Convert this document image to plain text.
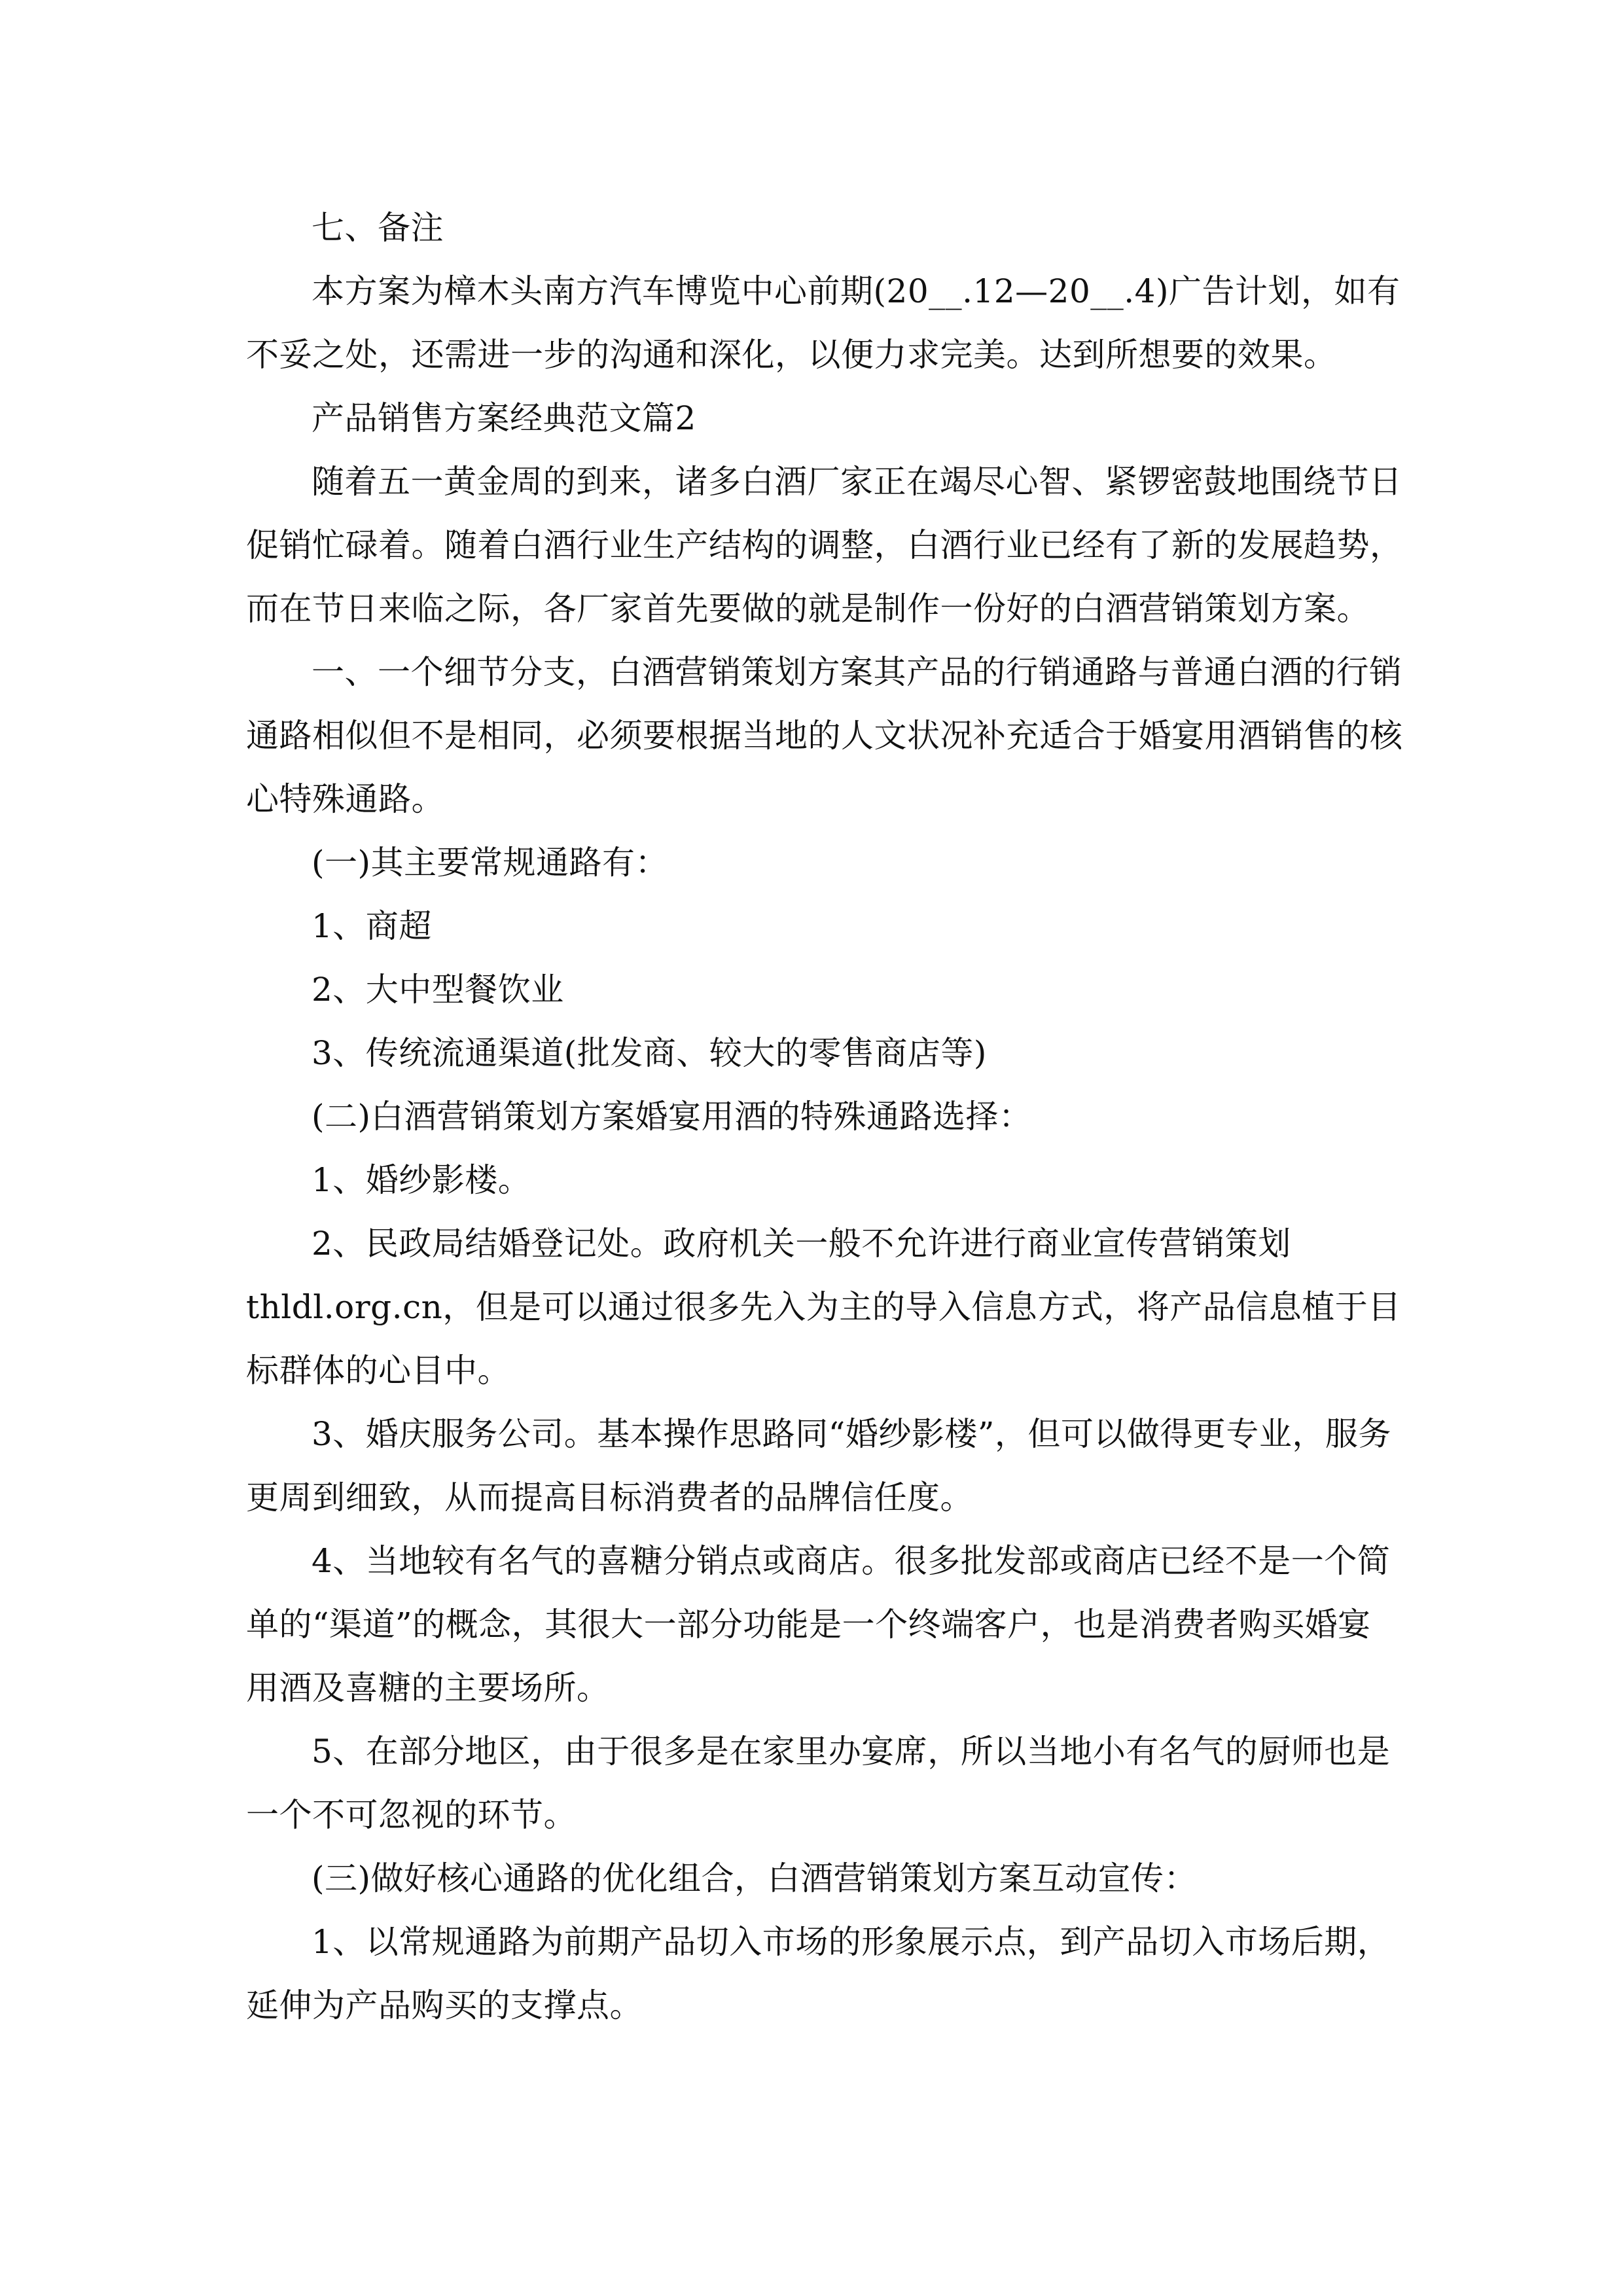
七、备注
本方案为樟木头南方汽车博览中心前期(20__.12—20__.4)广告计划，如有
不妥之处，还需进一步的沟通和深化，以便力求完美。达到所想要的效果。
产品销售方案经典范文篇2
随着五一黄金周的到来，诸多白酒厂家正在竭尽心智、紧锣密鼓地围绕节日
促销忙碌着。随着白酒行业生产结构的调整，白酒行业已经有了新的发展趋势，
而在节日来临之际，各厂家首先要做的就是制作一份好的白酒营销策划方案。
一、一个细节分支，白酒营销策划方案其产品的行销通路与普通白酒的行销
通路相似但不是相同，必须要根据当地的人文状况补充适合于婚宴用酒销售的核
心特殊通路。
(一)其主要常规通路有：
1、商超
2、大中型餐饮业
3、传统流通渠道(批发商、较大的零售商店等)
(二)白酒营销策划方案婚宴用酒的特殊通路选择：
1、婚纱影楼。
2、民政局结婚登记处。政府机关一般不允许进行商业宣传营销策划
thldl.org.cn，但是可以通过很多先入为主的导入信息方式，将产品信息植于目
标群体的心目中。
3、婚庆服务公司。基本操作思路同“婚纱影楼”，但可以做得更专业，服务
更周到细致，从而提高目标消费者的品牌信任度。
4、当地较有名气的喜糖分销点或商店。很多批发部或商店已经不是一个简
单的“渠道”的概念，其很大一部分功能是一个终端客户，也是消费者购买婚宴
用酒及喜糖的主要场所。
5、在部分地区，由于很多是在家里办宴席，所以当地小有名气的厨师也是
一个不可忽视的环节。
(三)做好核心通路的优化组合，白酒营销策划方案互动宣传：
1、以常规通路为前期产品切入市场的形象展示点，到产品切入市场后期，
延伸为产品购买的支撑点。
